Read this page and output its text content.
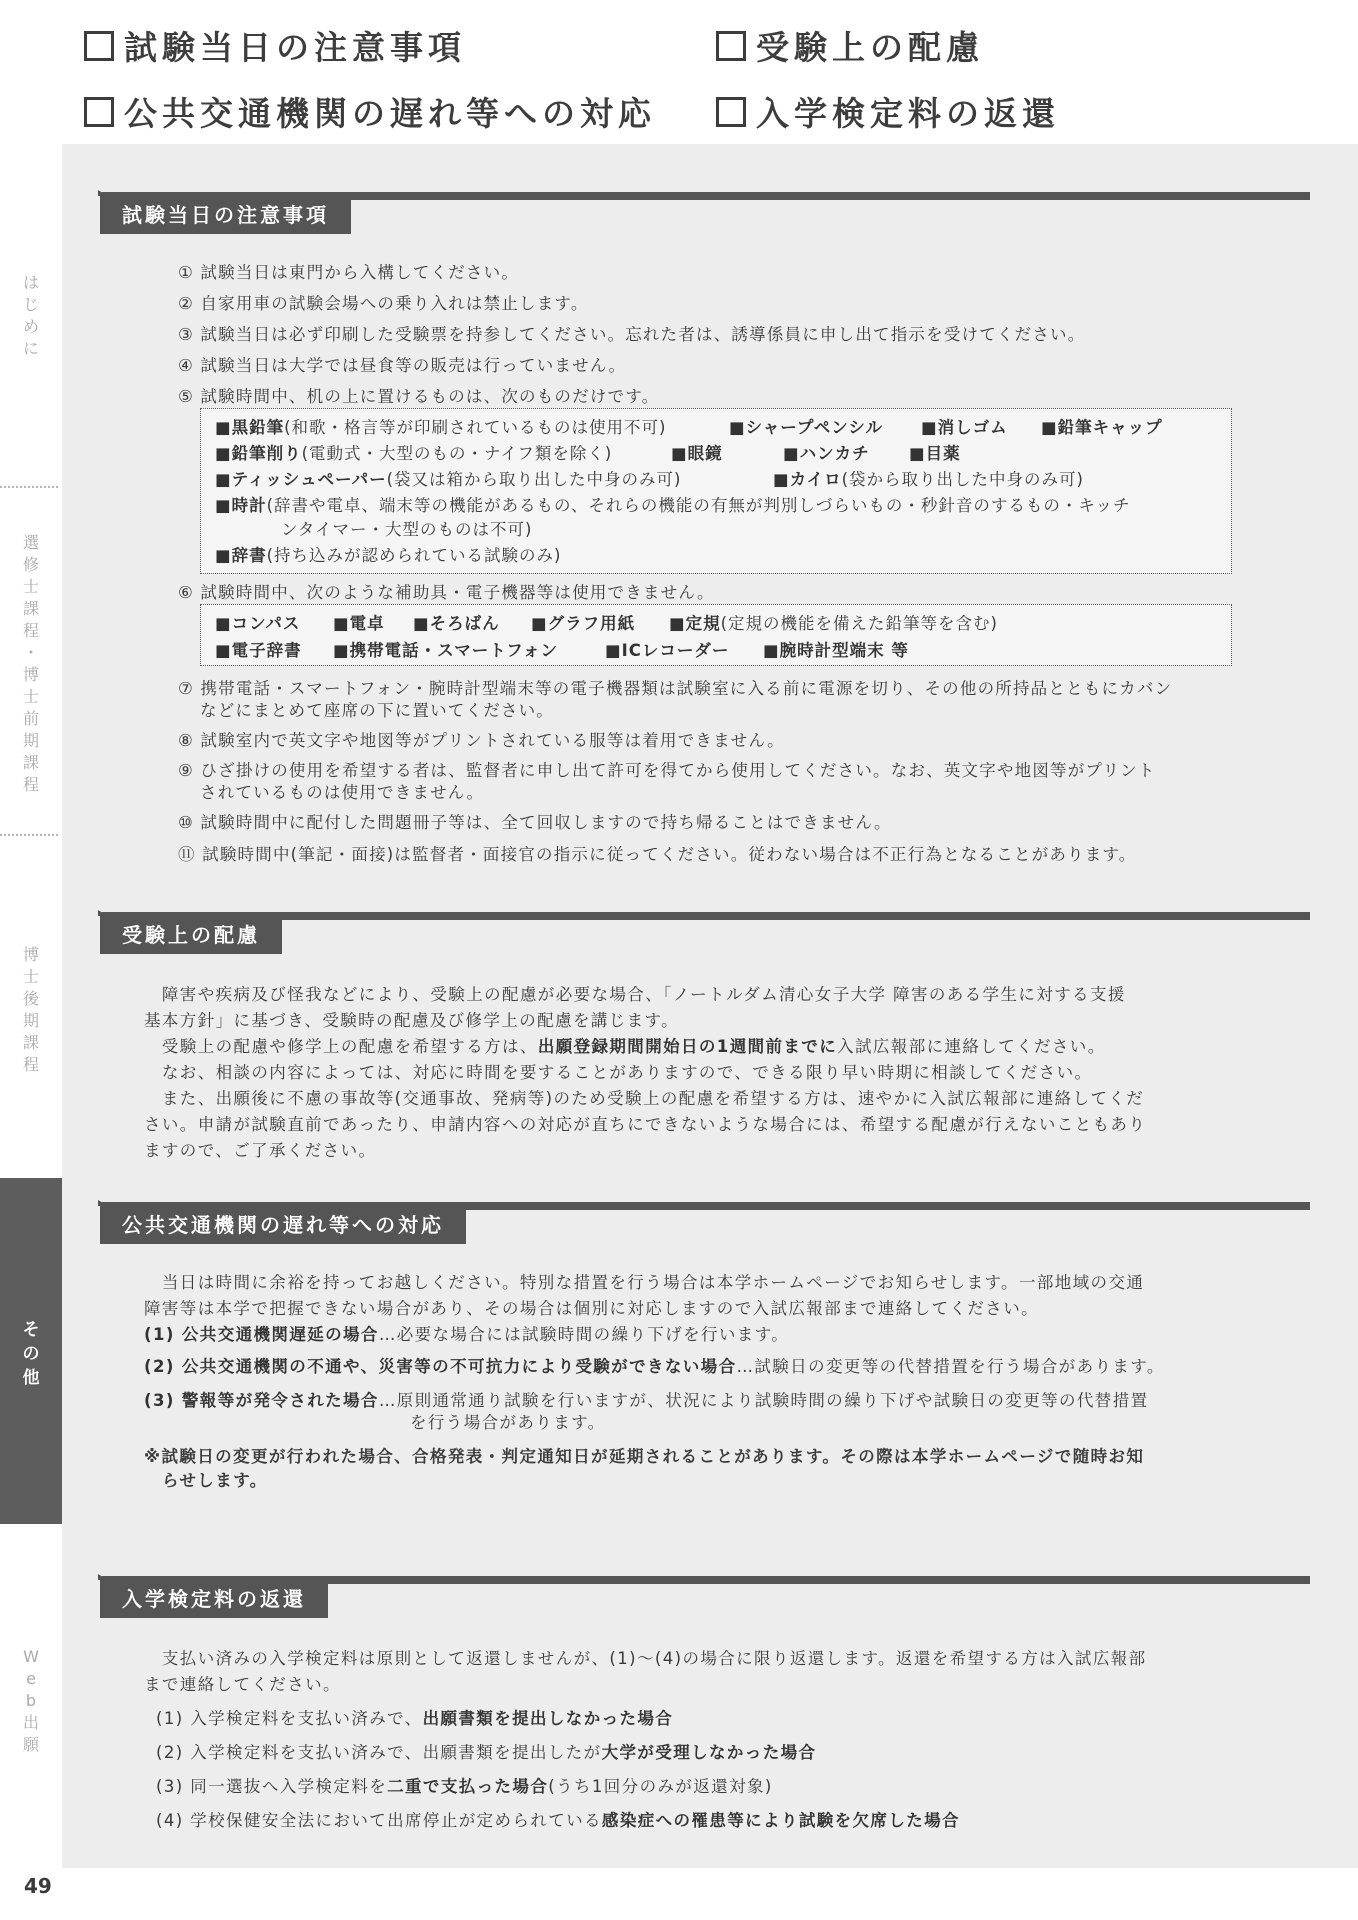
試験当日の注意事項	受験上の配慮
公共交通機関の遅れ等への対応	入学検定料の返還
は
じ
め
に
選
修
士
課
程
・
博
士
前
期
課
程
博
士
後
期
課
程
そ
の
他
W
e
b
出
願
49
試験当日の注意事項
① 試験当日は東門から入構してください。
② 自家用車の試験会場への乗り入れは禁止します。
③ 試験当日は必ず印刷した受験票を持参してください。忘れた者は、誘導係員に申し出て指示を受けてください。
④ 試験当日は大学では昼食等の販売は行っていません。
⑤ 試験時間中、机の上に置けるものは、次のものだけです。
■黒鉛筆(和歌・格言等が印刷されているものは使用不可)	■シャープペンシル ■消しゴム ■鉛筆キャップ
■鉛筆削り(電動式・大型のもの・ナイフ類を除く)	■眼鏡	■ハンカチ ■目薬
■ティッシュペーパー(袋又は箱から取り出した中身のみ可)	■カイロ(袋から取り出した中身のみ可)
■時計(辞書や電卓、端末等の機能があるもの、それらの機能の有無が判別しづらいもの・秒針音のするもの・キッチ
ンタイマー・大型のものは不可)
■辞書(持ち込みが認められている試験のみ)
⑥ 試験時間中、次のような補助具・電子機器等は使用できません。
■コンパス ■電卓 ■そろばん ■グラフ用紙 ■定規(定規の機能を備えた鉛筆等を含む)
■電子辞書 ■携帯電話・スマートフォン	■ICレコーダー ■腕時計型端末 等
⑦ 携帯電話・スマートフォン・腕時計型端末等の電子機器類は試験室に入る前に電源を切り、その他の所持品とともにカバン
などにまとめて座席の下に置いてください。
⑧ 試験室内で英文字や地図等がプリントされている服等は着用できません。
⑨ ひざ掛けの使用を希望する者は、監督者に申し出て許可を得てから使用してください。なお、英文字や地図等がプリント
されているものは使用できません。
⑩ 試験時間中に配付した問題冊子等は、全て回収しますので持ち帰ることはできません。
⑪ 試験時間中(筆記・面接)は監督者・面接官の指示に従ってください。従わない場合は不正行為となることがあります。
受験上の配慮
　障害や疾病及び怪我などにより、受験上の配慮が必要な場合、「ノートルダム清心女子大学 障害のある学生に対する支援
基本方針」に基づき、受験時の配慮及び修学上の配慮を講じます。
　受験上の配慮や修学上の配慮を希望する方は、出願登録期間開始日の1週間前までに入試広報部に連絡してください。
　なお、相談の内容によっては、対応に時間を要することがありますので、できる限り早い時期に相談してください。
　また、出願後に不慮の事故等(交通事故、発病等)のため受験上の配慮を希望する方は、速やかに入試広報部に連絡してくだ
さい。申請が試験直前であったり、申請内容への対応が直ちにできないような場合には、希望する配慮が行えないこともあり
ますので、ご了承ください。
公共交通機関の遅れ等への対応
　当日は時間に余裕を持ってお越しください。特別な措置を行う場合は本学ホームページでお知らせします。一部地域の交通
障害等は本学で把握できない場合があり、その場合は個別に対応しますので入試広報部まで連絡してください。
(1) 公共交通機関遅延の場合…必要な場合には試験時間の繰り下げを行います。
(2) 公共交通機関の不通や、災害等の不可抗力により受験ができない場合…試験日の変更等の代替措置を行う場合があります。
(3) 警報等が発令された場合…原則通常通り試験を行いますが、状況により試験時間の繰り下げや試験日の変更等の代替措置
を行う場合があります。
※試験日の変更が行われた場合、合格発表・判定通知日が延期されることがあります。その際は本学ホームページで随時お知
らせします。
入学検定料の返還
　支払い済みの入学検定料は原則として返還しませんが、(1)〜(4)の場合に限り返還します。返還を希望する方は入試広報部
まで連絡してください。
(1) 入学検定料を支払い済みで、出願書類を提出しなかった場合
(2) 入学検定料を支払い済みで、出願書類を提出したが大学が受理しなかった場合
(3) 同一選抜へ入学検定料を二重で支払った場合(うち1回分のみが返還対象)
(4) 学校保健安全法において出席停止が定められている感染症への罹患等により試験を欠席した場合
